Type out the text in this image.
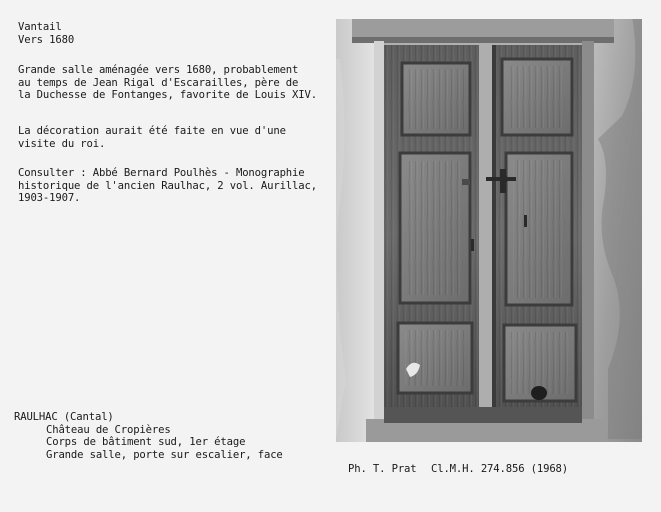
Vantail
Vers 1680
Grande salle aménagée vers 1680, probablement
au temps de Jean Rigal d'Escarailles, père de
la Duchesse de Fontanges, favorite de Louis XIV.
La décoration aurait été faite en vue d'une
visite du roi.
Consulter : Abbé Bernard Poulhès - Monographie
historique de l'ancien Raulhac, 2 vol. Aurillac,
1903-1907.
RAULHAC (Cantal)
Château de Cropières
Corps de bâtiment sud, 1er étage
Grande salle, porte sur escalier, face
Ph. T. Prat Cl.M.H. 274.856 (1968)
